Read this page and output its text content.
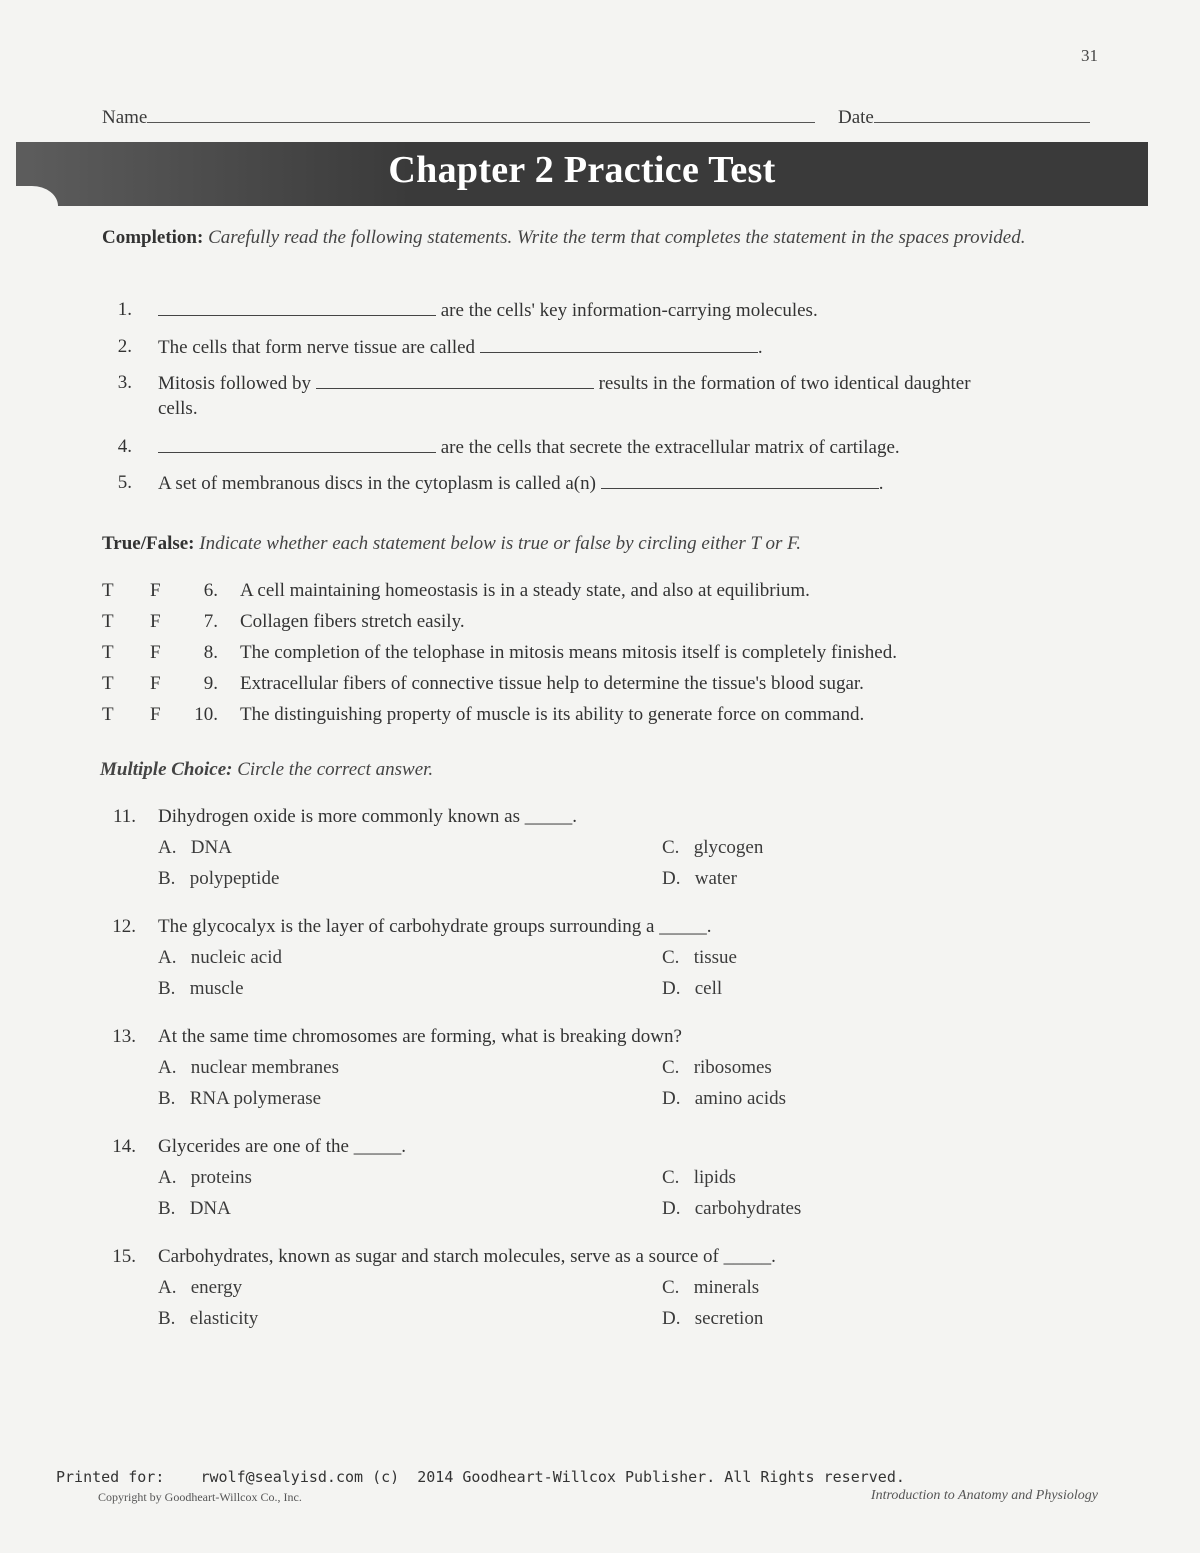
31
Name	Date
Chapter 2 Practice Test
Completion: Carefully read the following statements. Write the term that completes the statement in the spaces provided.
1.	are the cells' key information-carrying molecules.
2. The cells that form nerve tissue are called	.
3. Mitosis followed by	results in the formation of two identical daughter
cells.
4.	are the cells that secrete the extracellular matrix of cartilage.
5. A set of membranous discs in the cytoplasm is called a(n)	.
True/False: Indicate whether each statement below is true or false by circling either T or F.
T F	6. A cell maintaining homeostasis is in a steady state, and also at equilibrium.
T F	7. Collagen fibers stretch easily.
T F	8. The completion of the telophase in mitosis means mitosis itself is completely finished.
T F	9. Extracellular fibers of connective tissue help to determine the tissue's blood sugar.
T F	10. The distinguishing property of muscle is its ability to generate force on command.
Multiple Choice: Circle the correct answer.
11. Dihydrogen oxide is more commonly known as _____.
A. DNA
B. polypeptide
C. glycogen
D. water
12. The glycocalyx is the layer of carbohydrate groups surrounding a _____.
A. nucleic acid
B. muscle
C. tissue
D. cell
13. At the same time chromosomes are forming, what is breaking down?
A. nuclear membranes
B. RNA polymerase
C. ribosomes
D. amino acids
14. Glycerides are one of the _____.
A. proteins
B. DNA
C. lipids
D. carbohydrates
15. Carbohydrates, known as sugar and starch molecules, serve as a source of _____.
A. energy
B. elasticity
C. minerals
D. secretion
Printed for:    rwolf@sealyisd.com (c)  2014 Goodheart-Willcox Publisher. All Rights reserved.
Copyright by Goodheart-Willcox Co., Inc.	Introduction to Anatomy and Physiology
